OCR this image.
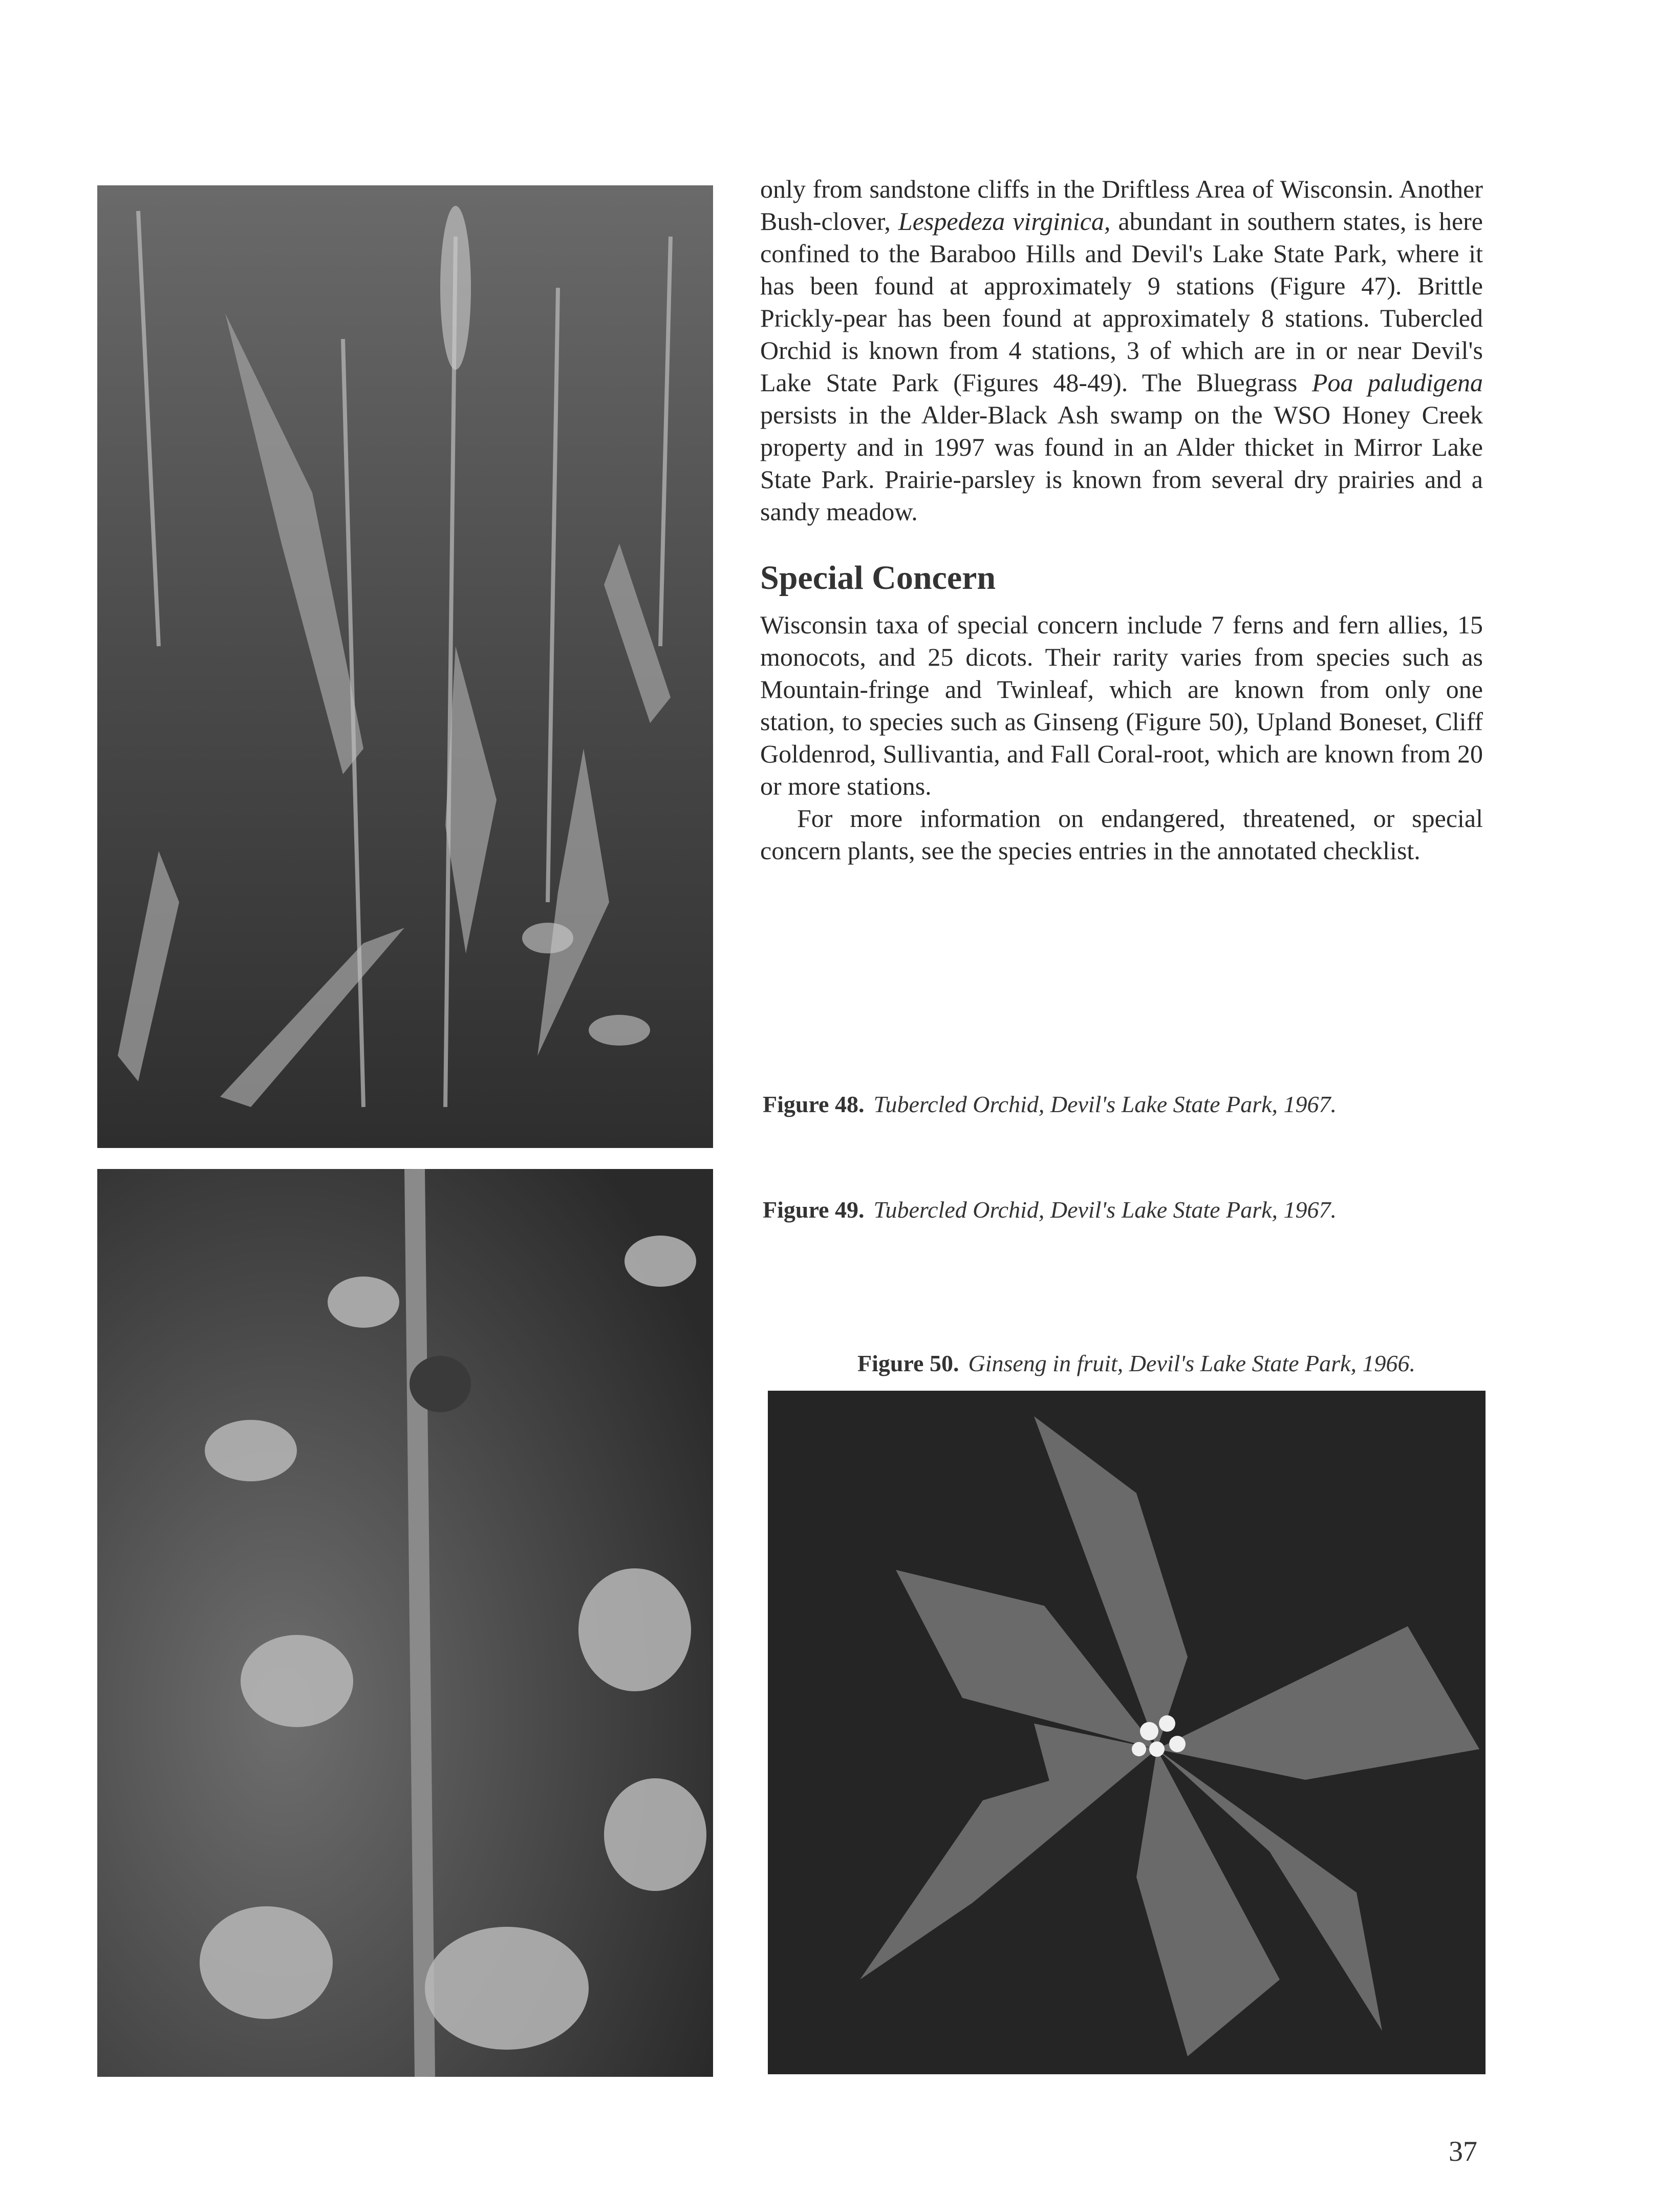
only from sandstone cliffs in the Driftless Area of Wisconsin. Another Bush-clover, Lespedeza virginica, abundant in southern states, is here confined to the Baraboo Hills and Devil's Lake State Park, where it has been found at approximately 9 stations (Figure 47). Brittle Prickly-pear has been found at approximately 8 stations. Tubercled Orchid is known from 4 stations, 3 of which are in or near Devil's Lake State Park (Figures 48-49). The Bluegrass Poa paludigena persists in the Alder-Black Ash swamp on the WSO Honey Creek property and in 1997 was found in an Alder thicket in Mirror Lake State Park. Prairie-parsley is known from several dry prairies and a sandy meadow.

Special Concern

Wisconsin taxa of special concern include 7 ferns and fern allies, 15 monocots, and 25 dicots. Their rarity varies from species such as Mountain-fringe and Twinleaf, which are known from only one station, to species such as Ginseng (Figure 50), Upland Boneset, Cliff Goldenrod, Sullivantia, and Fall Coral-root, which are known from 20 or more stations.

For more information on endangered, threatened, or special concern plants, see the species entries in the annotated checklist.

Figure 48. Tubercled Orchid, Devil's Lake State Park, 1967.
Figure 49. Tubercled Orchid, Devil's Lake State Park, 1967.
Figure 50. Ginseng in fruit, Devil's Lake State Park, 1966.
37
